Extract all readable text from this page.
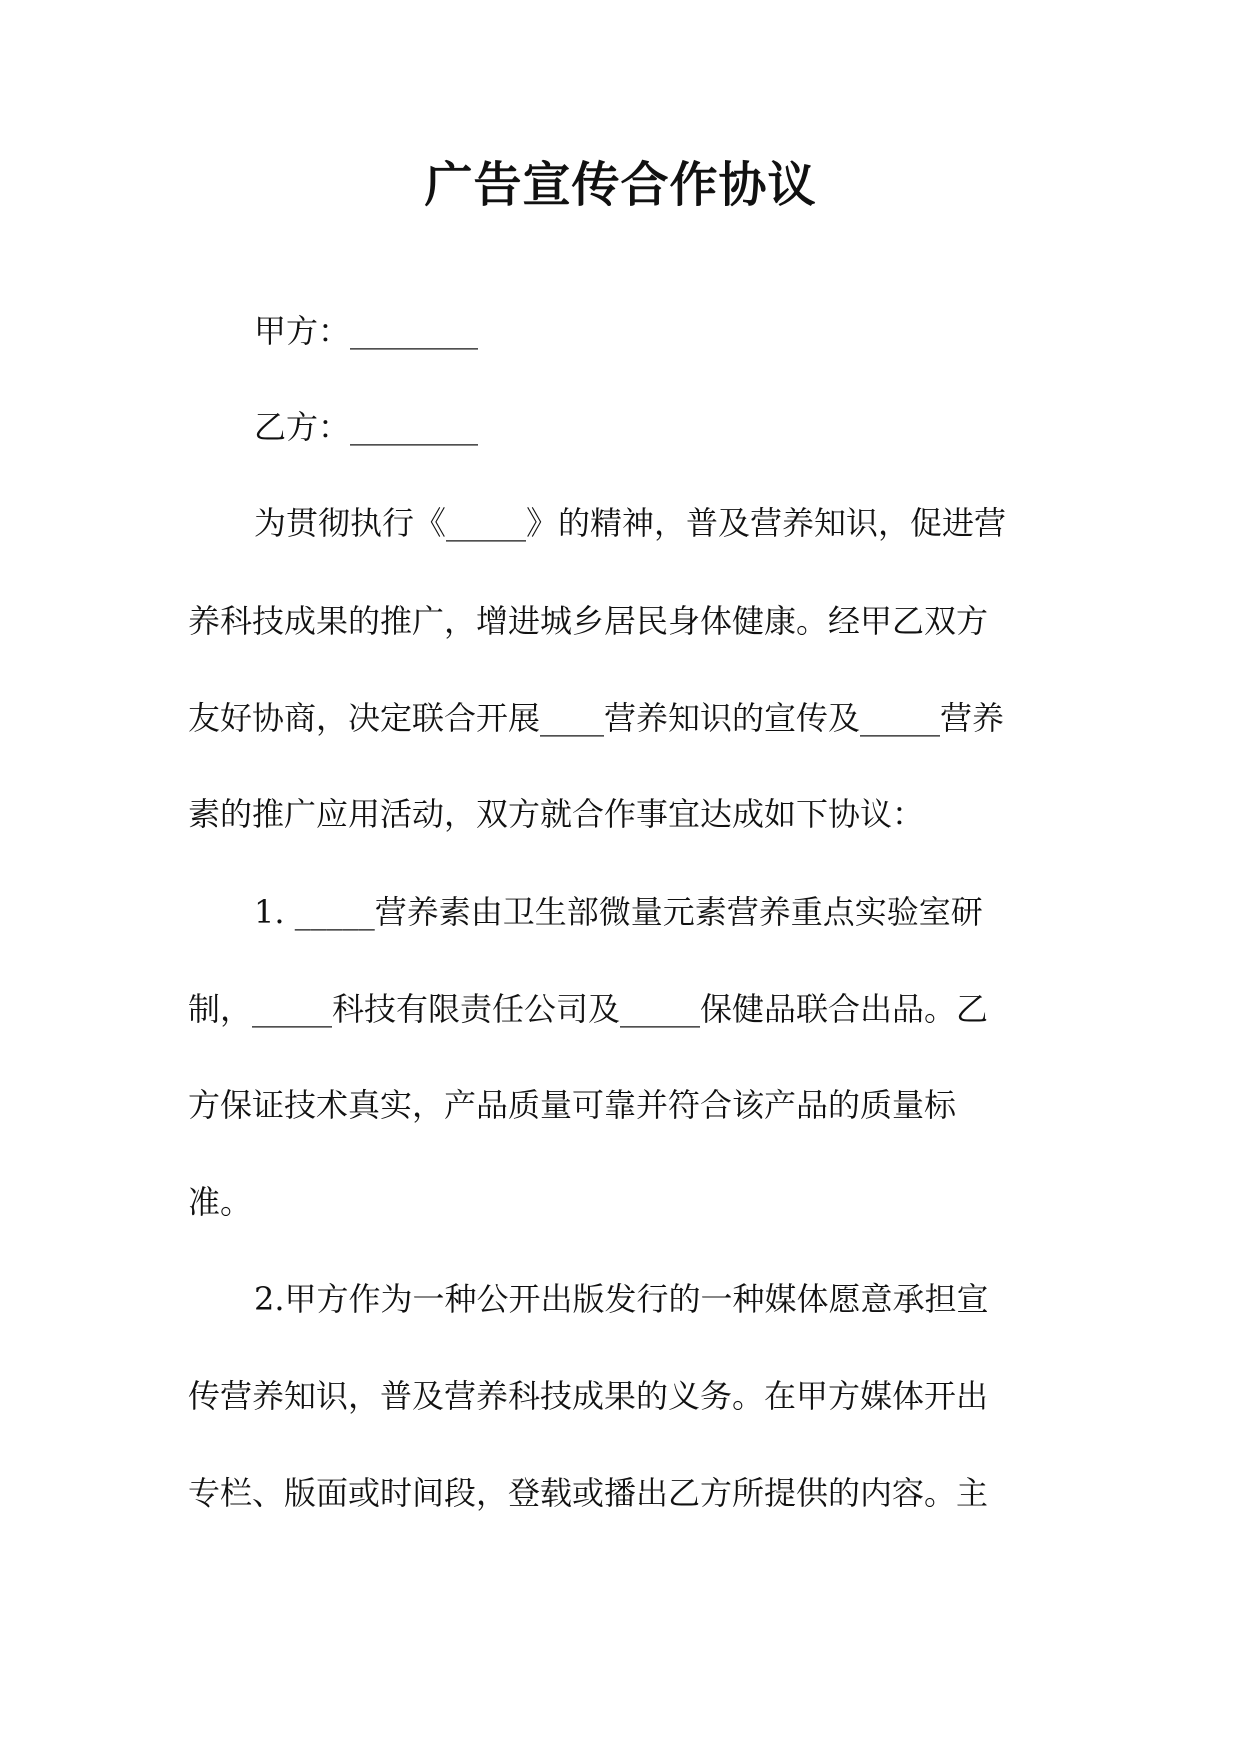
广告宣传合作协议

甲方：________

乙方：________

为贯彻执行《_____》的精神，普及营养知识，促进营

养科技成果的推广，增进城乡居民身体健康。经甲乙双方

友好协商，决定联合开展____营养知识的宣传及_____营养

素的推广应用活动，双方就合作事宜达成如下协议：

1. _____营养素由卫生部微量元素营养重点实验室研

制，_____科技有限责任公司及_____保健品联合出品。乙

方保证技术真实，产品质量可靠并符合该产品的质量标

准。

2.甲方作为一种公开出版发行的一种媒体愿意承担宣

传营养知识，普及营养科技成果的义务。在甲方媒体开出

专栏、版面或时间段，登载或播出乙方所提供的内容。主
